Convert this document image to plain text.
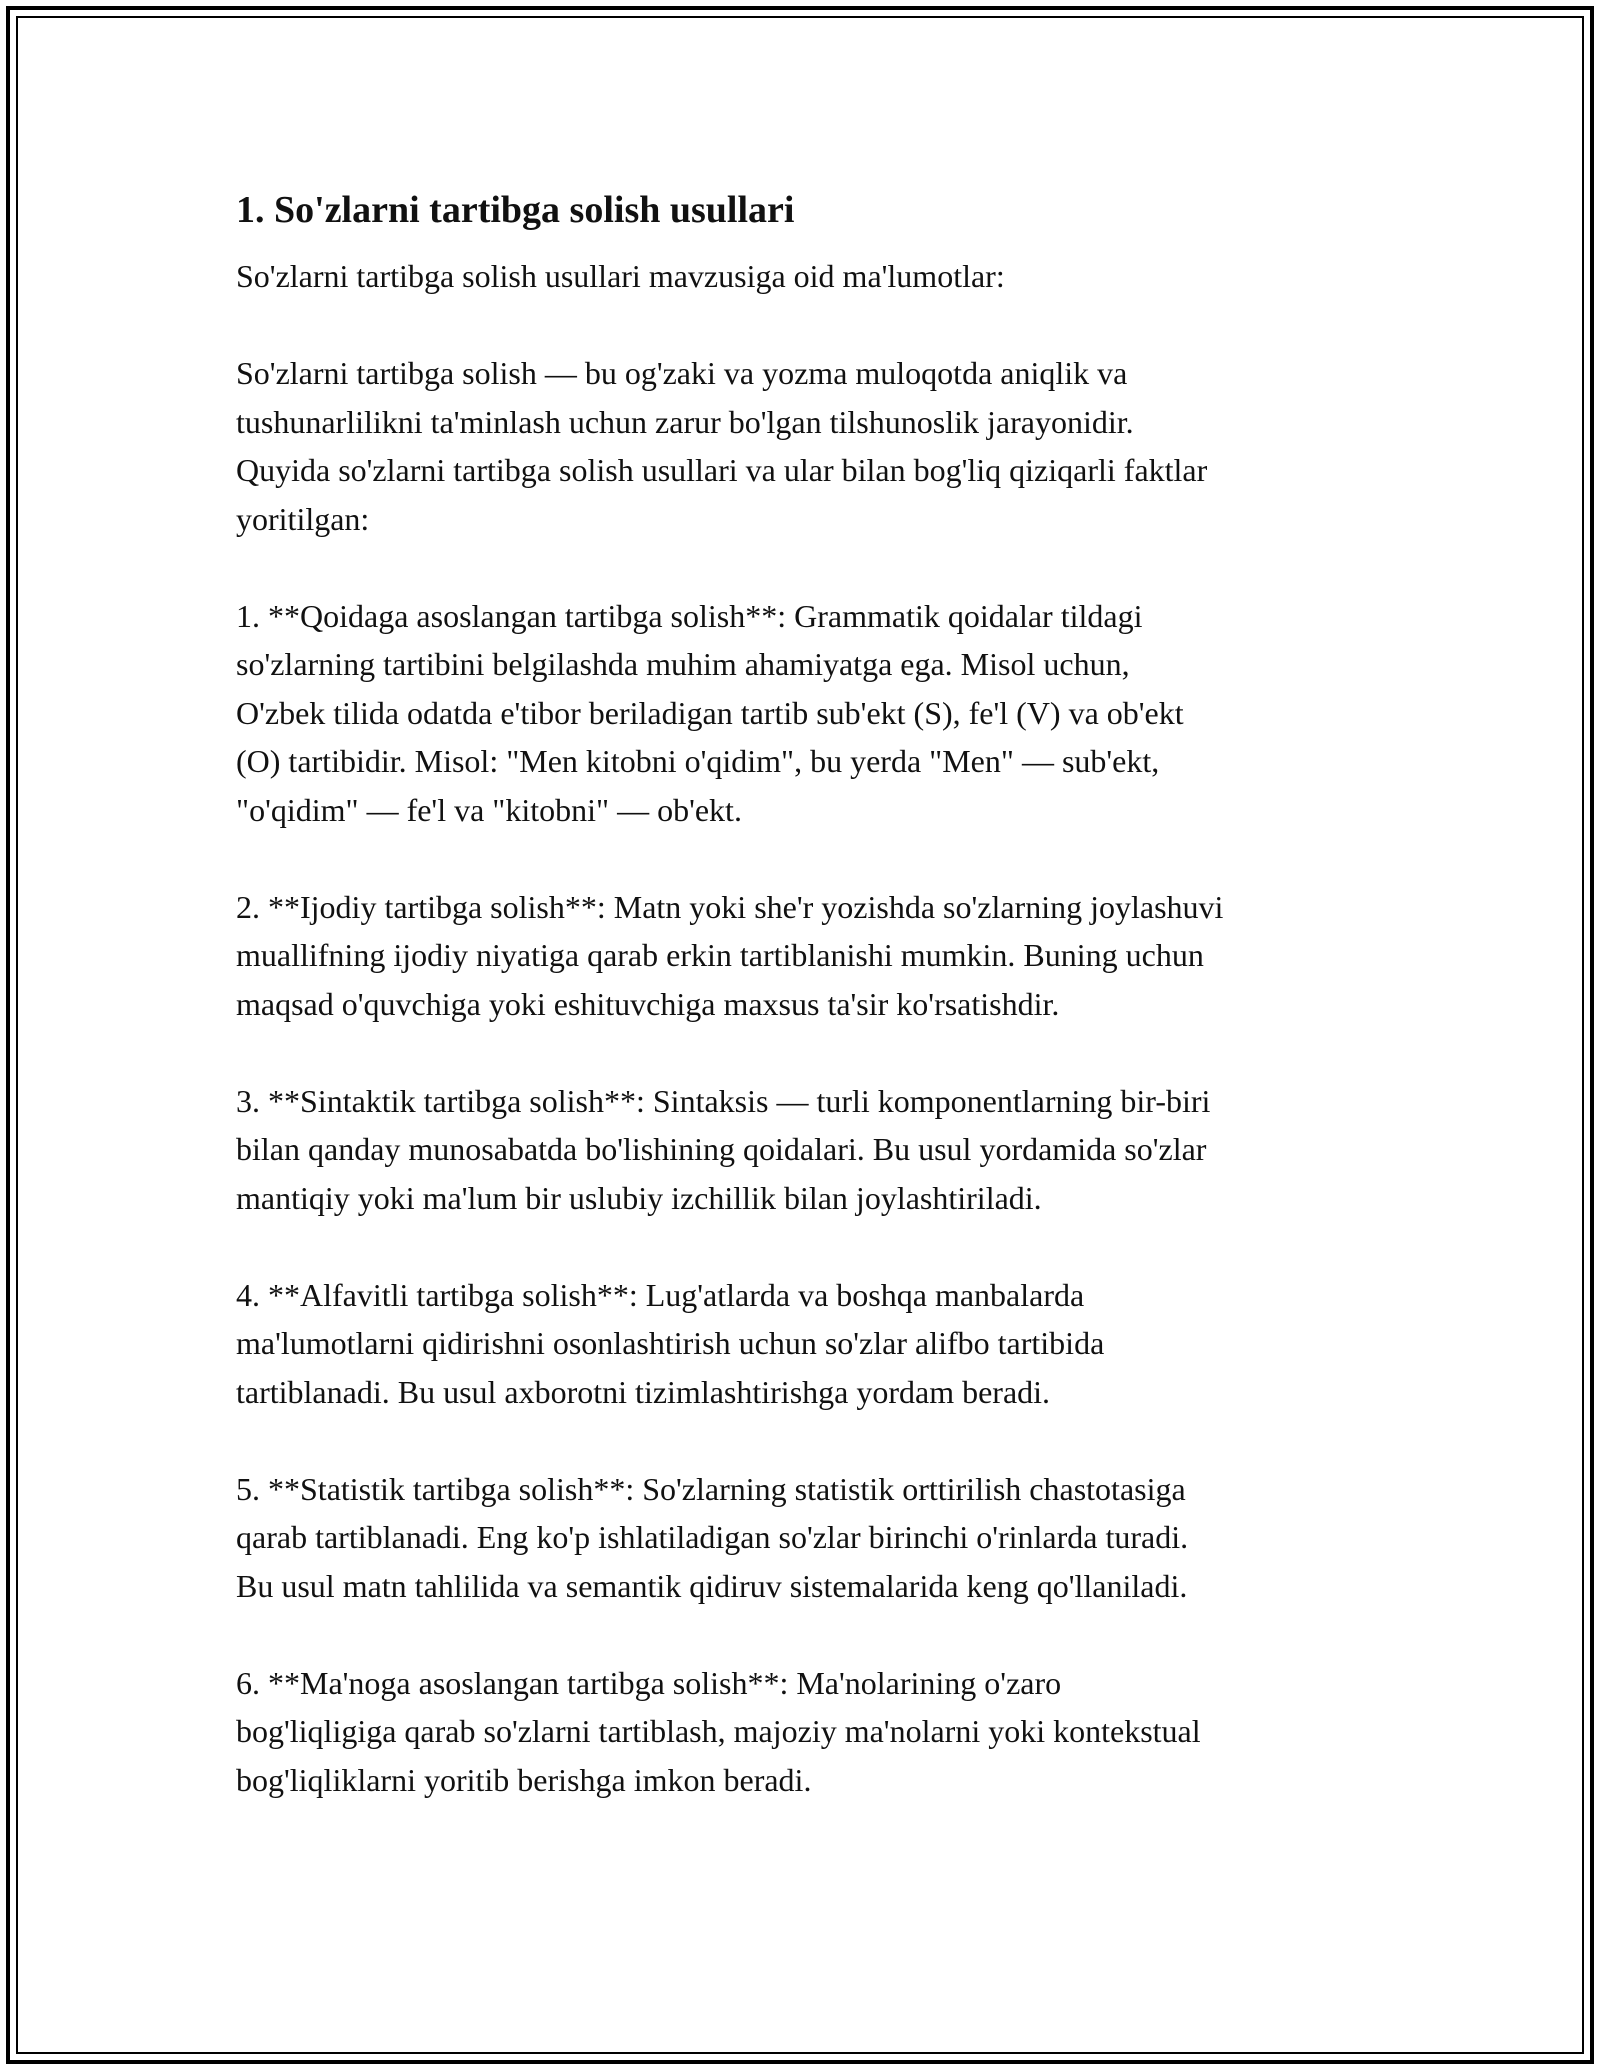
1. So'zlarni tartibga solish usullari

So'zlarni tartibga solish usullari mavzusiga oid ma'lumotlar:

So'zlarni tartibga solish — bu og'zaki va yozma muloqotda aniqlik va
tushunarlilikni ta'minlash uchun zarur bo'lgan tilshunoslik jarayonidir.
Quyida so'zlarni tartibga solish usullari va ular bilan bog'liq qiziqarli faktlar
yoritilgan:

1. **Qoidaga asoslangan tartibga solish**: Grammatik qoidalar tildagi
so'zlarning tartibini belgilashda muhim ahamiyatga ega. Misol uchun,
O'zbek tilida odatda e'tibor beriladigan tartib sub'ekt (S), fe'l (V) va ob'ekt
(O) tartibidir. Misol: "Men kitobni o'qidim", bu yerda "Men" — sub'ekt,
"o'qidim" — fe'l va "kitobni" — ob'ekt.

2. **Ijodiy tartibga solish**: Matn yoki she'r yozishda so'zlarning joylashuvi
muallifning ijodiy niyatiga qarab erkin tartiblanishi mumkin. Buning uchun
maqsad o'quvchiga yoki eshituvchiga maxsus ta'sir ko'rsatishdir.

3. **Sintaktik tartibga solish**: Sintaksis — turli komponentlarning bir-biri
bilan qanday munosabatda bo'lishining qoidalari. Bu usul yordamida so'zlar
mantiqiy yoki ma'lum bir uslubiy izchillik bilan joylashtiriladi.

4. **Alfavitli tartibga solish**: Lug'atlarda va boshqa manbalarda
ma'lumotlarni qidirishni osonlashtirish uchun so'zlar alifbo tartibida
tartiblanadi. Bu usul axborotni tizimlashtirishga yordam beradi.

5. **Statistik tartibga solish**: So'zlarning statistik orttirilish chastotasiga
qarab tartiblanadi. Eng ko'p ishlatiladigan so'zlar birinchi o'rinlarda turadi.
Bu usul matn tahlilida va semantik qidiruv sistemalarida keng qo'llaniladi.

6. **Ma'noga asoslangan tartibga solish**: Ma'nolarining o'zaro
bog'liqligiga qarab so'zlarni tartiblash, majoziy ma'nolarni yoki kontekstual
bog'liqliklarni yoritib berishga imkon beradi.
